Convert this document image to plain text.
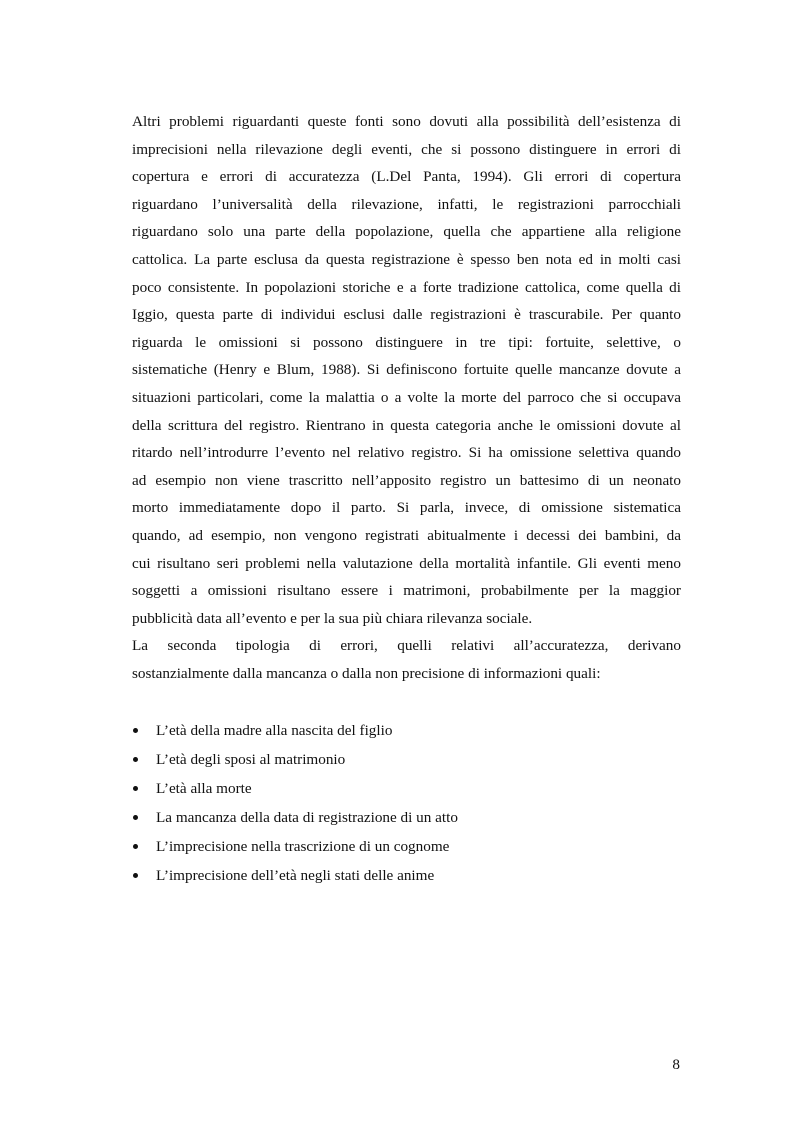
Altri problemi riguardanti queste fonti sono dovuti alla possibilità dell’esistenza di
imprecisioni nella rilevazione degli eventi, che si possono distinguere in errori di
copertura e errori di accuratezza (L.Del Panta, 1994). Gli errori di copertura
riguardano l’universalità della rilevazione, infatti, le registrazioni parrocchiali
riguardano solo una parte della popolazione, quella che appartiene alla religione
cattolica. La parte esclusa da questa registrazione è spesso ben nota ed in molti casi
poco consistente. In popolazioni storiche e a forte tradizione cattolica, come quella di
Iggio, questa parte di individui esclusi dalle registrazioni è trascurabile. Per quanto
riguarda le omissioni si possono distinguere in tre tipi: fortuite, selettive, o
sistematiche (Henry e Blum, 1988). Si definiscono fortuite quelle mancanze dovute a
situazioni particolari, come la malattia o a volte la morte del parroco che si occupava
della scrittura del registro. Rientrano in questa categoria anche le omissioni dovute al
ritardo nell’introdurre l’evento nel relativo registro. Si ha omissione selettiva quando
ad esempio non viene trascritto nell’apposito registro un battesimo di un neonato
morto immediatamente dopo il parto. Si parla, invece, di omissione sistematica
quando, ad esempio, non vengono registrati abitualmente i decessi dei bambini, da
cui risultano seri problemi nella valutazione della mortalità infantile. Gli eventi meno
soggetti a omissioni risultano essere i matrimoni, probabilmente per la maggior
pubblicità data all’evento e per la sua più chiara rilevanza sociale.
La seconda tipologia di errori, quelli relativi all’accuratezza, derivano
sostanzialmente dalla mancanza o dalla non precisione di informazioni quali:
L’età della madre alla nascita del figlio
L’età degli sposi al matrimonio
L’età alla morte
La mancanza della data di registrazione di un atto
L’imprecisione nella trascrizione di un cognome
L’imprecisione dell’età negli stati delle anime
8
